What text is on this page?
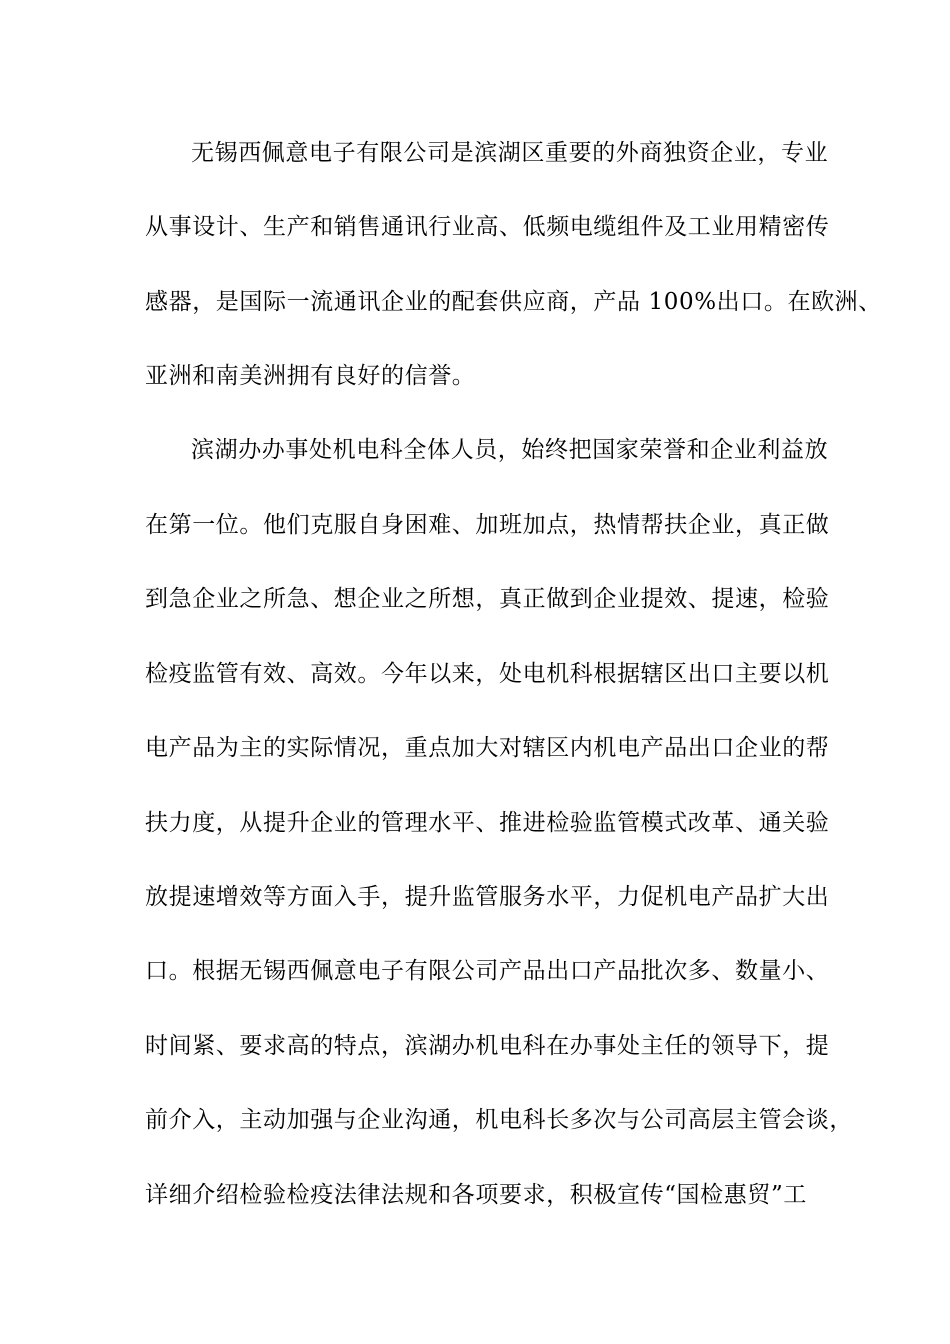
无锡西佩意电子有限公司是滨湖区重要的外商独资企业，专业
从事设计、生产和销售通讯行业高、低频电缆组件及工业用精密传
感器，是国际一流通讯企业的配套供应商，产品 100%出口。在欧洲、
亚洲和南美洲拥有良好的信誉。
滨湖办办事处机电科全体人员，始终把国家荣誉和企业利益放
在第一位。他们克服自身困难、加班加点，热情帮扶企业，真正做
到急企业之所急、想企业之所想，真正做到企业提效、提速，检验
检疫监管有效、高效。今年以来，处电机科根据辖区出口主要以机
电产品为主的实际情况，重点加大对辖区内机电产品出口企业的帮
扶力度，从提升企业的管理水平、推进检验监管模式改革、通关验
放提速增效等方面入手，提升监管服务水平，力促机电产品扩大出
口。根据无锡西佩意电子有限公司产品出口产品批次多、数量小、
时间紧、要求高的特点，滨湖办机电科在办事处主任的领导下，提
前介入，主动加强与企业沟通，机电科长多次与公司高层主管会谈，
详细介绍检验检疫法律法规和各项要求，积极宣传“国检惠贸”工
